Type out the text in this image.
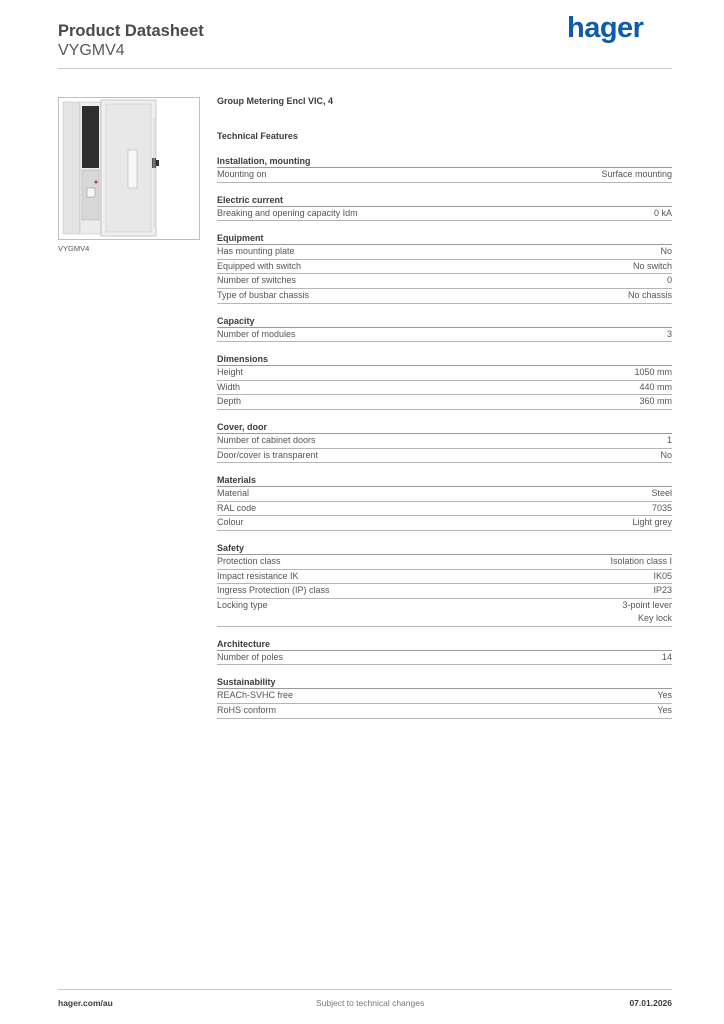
Product Datasheet
VYGMV4
hager
VYGMV4
Group Metering Encl VIC, 4
Technical Features
Installation, mounting
Mounting on	Surface mounting
Electric current
Breaking and opening capacity Idm	0 kA
Equipment
Has mounting plate	No
Equipped with switch	No switch
Number of switches	0
Type of busbar chassis	No chassis
Capacity
Number of modules	3
Dimensions
Height	1050 mm
Width	440 mm
Depth	360 mm
Cover, door
Number of cabinet doors	1
Door/cover is transparent	No
Materials
Material	Steel
RAL code	7035
Colour	Light grey
Safety
Protection class	Isolation class I
Impact resistance IK	IK05
Ingress Protection (IP) class	IP23
Locking type	3-point lever
Key lock
Architecture
Number of poles	14
Sustainability
REACh-SVHC free	Yes
RoHS conform	Yes
hager.com/au	Subject to technical changes	07.01.2026
